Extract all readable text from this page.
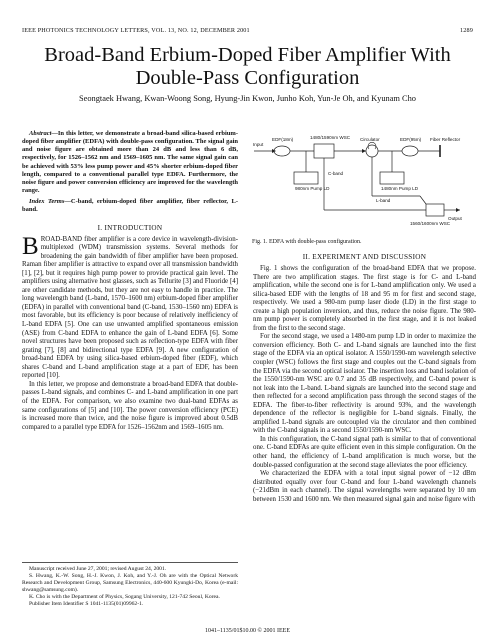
IEEE PHOTONICS TECHNOLOGY LETTERS, VOL. 13, NO. 12, DECEMBER 2001	1289
Broad-Band Erbium-Doped Fiber Amplifier With Double-Pass Configuration
Seongtaek Hwang, Kwan-Woong Song, Hyung-Jin Kwon, Junho Koh, Yun-Je Oh, and Kyunam Cho
Abstract—In this letter, we demonstrate a broad-band silica-based erbium-doped fiber amplifier (EDFA) with double-pass configuration. The signal gain and noise figure are obtained more than 24 dB and less than 6 dB, respectively, for 1526–1562 nm and 1569–1605 nm. The same signal gain can be achieved with 53% less pump power and 45% shorter erbium-doped fiber length, compared to a conventional parallel type EDFA. Furthermore, the noise figure and power conversion efficiency are improved for the wavelength range.
Index Terms—C-band, erbium-doped fiber amplifier, fiber reflector, L-band.
I. INTRODUCTION

BROAD-BAND fiber amplifier is a core device in wavelength-division-multiplexed (WDM) transmission systems. Several methods for broadening the gain bandwidth of fiber amplifier have been proposed. Raman fiber amplifier is attractive to expand over all transmission bandwidth [1], [2], but it requires high pump power to provide practical gain level. The amplifiers using alternative host glasses, such as Tellurite [3] and Fluoride [4] are other candidate methods, but they are not easy to handle in practice. The long wavelength band (L-band, 1570–1600 nm) erbium-doped fiber amplifier (EDFA) in parallel with conventional band (C-band, 1530–1560 nm) EDFA is most favorable, but its efficiency is poor because of relatively inefficiency of L-band EDFA [5]. One can use unwanted amplified spontaneous emission (ASE) from C-band EDFA to enhance the gain of L-band EDFA [6]. Some novel structures have been proposed such as reflection-type EDFA with fiber grating [7], [8] and bidirectional type EDFA [9]. A new configuration of broad-band EDFA by using silica-based erbium-doped fiber (EDF), which shares C-band and L-band amplification stage at a part of EDF, has been reported [10].

In this letter, we propose and demonstrate a broad-band EDFA that double-passes L-band signals, and combines C- and L-band amplification in one part of the EDFA. For comparison, we also examine two dual-band EDFAs as same configurations of [5] and [10]. The power conversion efficiency (PCE) is increased more than twice, and the noise figure is improved about 0.5dB compared to a parallel type EDFA for 1526–1562nm and 1569–1605 nm.

Manuscript received June 27, 2001; revised August 24, 2001.

S. Hwang, K.-W. Song, H.-J. Kwon, J. Koh, and Y.-J. Oh are with the Optical Network Research and Development Group, Samsung Electronics, 440-600 Kyungki-Do, Korea (e-mail: shwang@samsung.com).

K. Cho is with the Department of Physics, Sogang University, 121-742 Seoul, Korea.

Publisher Item Identifier S 1041-1135(01)09962-1.

Input
EDF(18m)	1480/1590nm WSC Circulator	EDF(95m) Fiber Reflector
980nm Pump LD	1480nm Pump LD
C-band
L-band
1560/1600nm WSC
Output
Fig. 1. EDFA with double-pass configuration.
II. EXPERIMENT AND DISCUSSION

Fig. 1 shows the configuration of the broad-band EDFA that we propose. There are two amplification stages. The first stage is for C- and L-band amplification, while the second one is for L-band amplification only. We used a silica-based EDF with the lengths of 18 and 95 m for first and second stage, respectively. We used a 980-nm pump laser diode (LD) in the first stage to create a high population inversion, and thus, reduce the noise figure. The 980-nm pump power is completely absorbed in the first stage, and it is not leaked from the first to the second stage.

For the second stage, we used a 1480-nm pump LD in order to maximize the conversion efficiency. Both C- and L-band signals are launched into the first stage of the EDFA via an optical isolator. A 1550/1590-nm wavelength selective coupler (WSC) follows the first stage and couples out the C-band signals from the EDFA via the second optical isolator. The insertion loss and band isolation of the 1550/1590-nm WSC are 0.7 and 35 dB respectively, and C-band power is not leak into the L-band. L-band signals are launched into the second stage and then reflected for a second amplification pass through the second stages of the EDFA. The fiber-to-fiber reflectivity is around 93%, and the wavelength dependence of the reflector is negligible for L-band signals. Finally, the amplified L-band signals are outcoupled via the circulator and then combined with the C-band signals in a second 1550/1590-nm WSC.

In this configuration, the C-band signal path is similar to that of conventional one. C-band EDFAs are quite efficient even in this simple configuration. On the other hand, the efficiency of L-band amplification is much worse, but the double-passed configuration at the second stage alleviates the poor efficiency.

We characterized the EDFA with a total input signal power of −12 dBm distributed equally over four C-band and four L-band wavelength channels (−21dBm in each channel). The signal wavelengths were separated by 10 nm between 1530 and 1600 nm. We then measured signal gain and noise figure with

1041–1135/01$10.00 © 2001 IEEE
